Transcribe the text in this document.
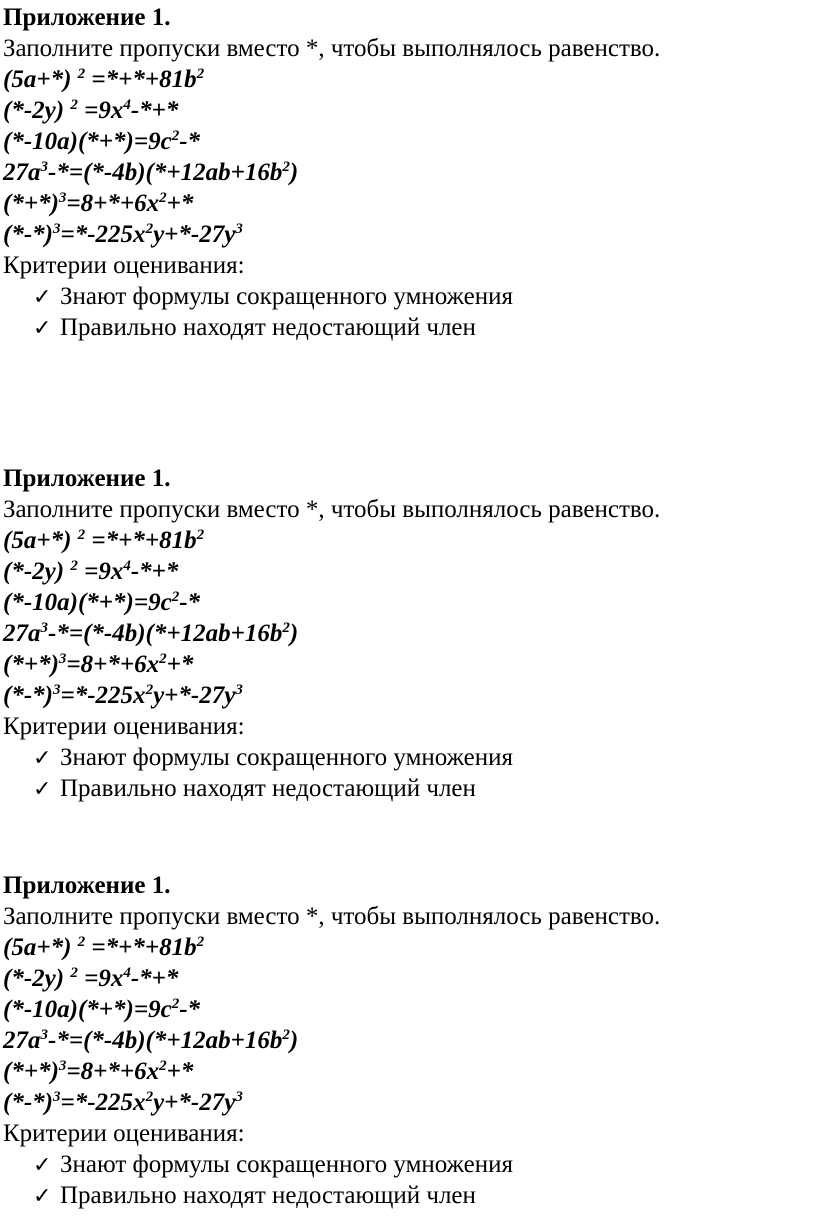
Приложение 1.
Заполните пропуски вместо *, чтобы выполнялось равенство.
(5a+*) $^2 =*+*+81b^2$
(*-2y) $^2 =9x^4-*+*$
$(*-10a)(*+*)=9c^2-*$
$27a^3-*=(*-4b)(*+12ab+16b^2)$
$(*+*)^3=8+*+6x^2+*$
$(*-*)^3=*-225x^2y+*-27y^3$
Критерии оценивания:
✓ Знают формулы сокращенного умножения
✓ Правильно находят недостающий член
Приложение 1.
Заполните пропуски вместо *, чтобы выполнялось равенство.
(5a+*) $^2 =*+*+81b^2$
(*-2y) $^2 =9x^4-*+*$
$(*-10a)(*+*)=9c^2-*$
$27a^3-*=(*-4b)(*+12ab+16b^2)$
$(*+*)^3=8+*+6x^2+*$
$(*-*)^3=*-225x^2y+*-27y^3$
Критерии оценивания:
✓ Знают формулы сокращенного умножения
✓ Правильно находят недостающий член
Приложение 1.
Заполните пропуски вместо *, чтобы выполнялось равенство.
(5a+*) $^2 =*+*+81b^2$
(*-2y) $^2 =9x^4-*+*$
$(*-10a)(*+*)=9c^2-*$
$27a^3-*=(*-4b)(*+12ab+16b^2)$
$(*+*)^3=8+*+6x^2+*$
$(*-*)^3=*-225x^2y+*-27y^3$
Критерии оценивания:
✓ Знают формулы сокращенного умножения
✓ Правильно находят недостающий член
